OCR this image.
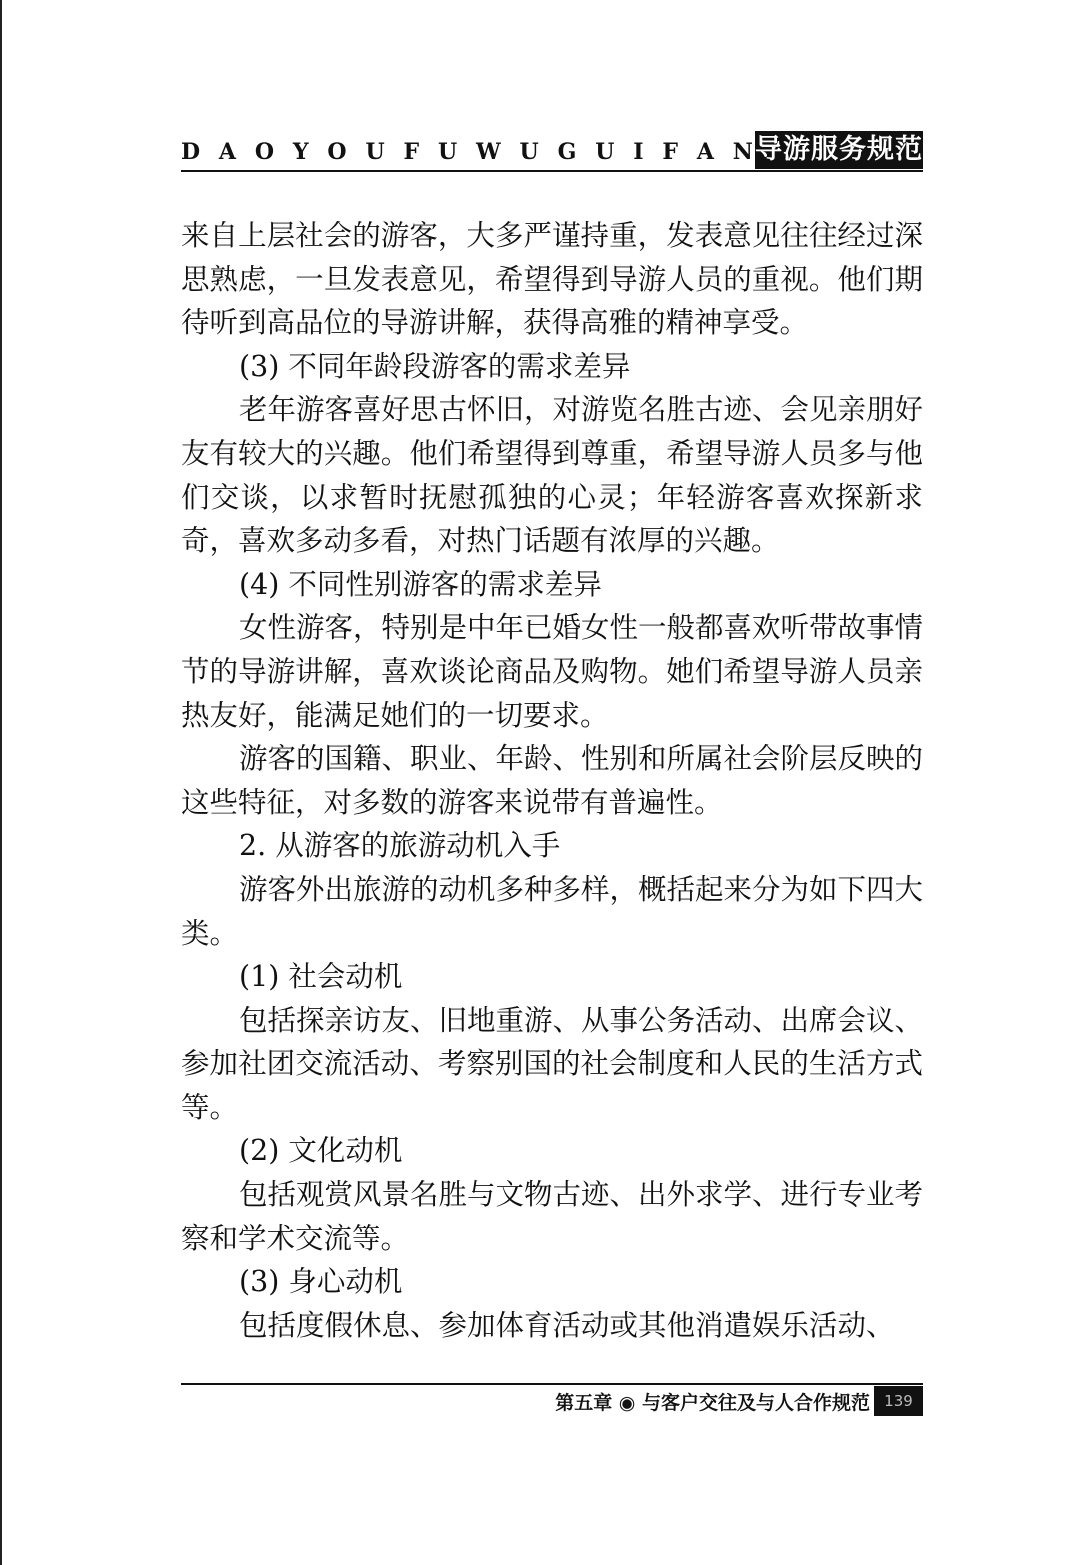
D A O Y O U F U W U G U I F A N 导游服务规范

来自上层社会的游客，大多严谨持重，发表意见往往经过深思熟虑，一旦发表意见，希望得到导游人员的重视。他们期待听到高品位的导游讲解，获得高雅的精神享受。

(3) 不同年龄段游客的需求差异

老年游客喜好思古怀旧，对游览名胜古迹、会见亲朋好友有较大的兴趣。他们希望得到尊重，希望导游人员多与他们交谈，以求暂时抚慰孤独的心灵；年轻游客喜欢探新求奇，喜欢多动多看，对热门话题有浓厚的兴趣。

(4) 不同性别游客的需求差异

女性游客，特别是中年已婚女性一般都喜欢听带故事情节的导游讲解，喜欢谈论商品及购物。她们希望导游人员亲热友好，能满足她们的一切要求。

游客的国籍、职业、年龄、性别和所属社会阶层反映的这些特征，对多数的游客来说带有普遍性。

2. 从游客的旅游动机入手

游客外出旅游的动机多种多样，概括起来分为如下四大类。

(1) 社会动机

包括探亲访友、旧地重游、从事公务活动、出席会议、参加社团交流活动、考察别国的社会制度和人民的生活方式等。

(2) 文化动机

包括观赏风景名胜与文物古迹、出外求学、进行专业考察和学术交流等。

(3) 身心动机

包括度假休息、参加体育活动或其他消遣娱乐活动、

第五章 ◉ 与客户交往及与人合作规范 139
